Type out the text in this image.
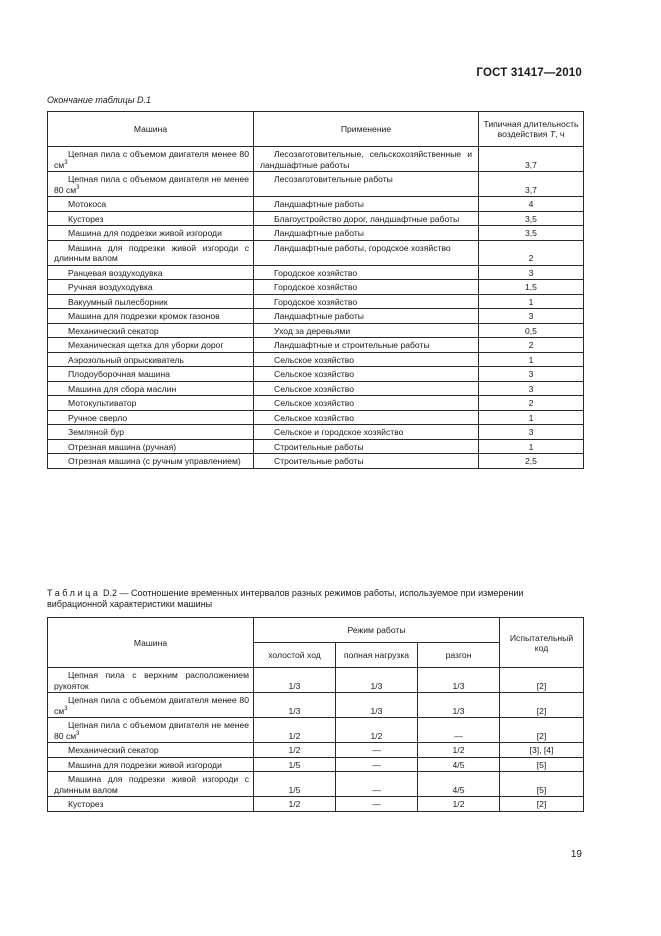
ГОСТ 31417—2010
Окончание таблицы D.1
Машина	Применение	Типичная длительность воздействия T, ч
Цепная пила с объемом двигателя менее 80 $см^3$	Лесозаготовительные, сельскохозяйственные и ландшафтные работы	3,7
Цепная пила с объемом двигателя не менее 80 $см^3$	Лесозаготовительные работы	3,7
Мотокоса	Ландшафтные работы	4
Кусторез	Благоустройство дорог, ландшафтные работы	3,5
Машина для подрезки живой изгороди	Ландшафтные работы	3,5
Машина для подрезки живой изгороди с длинным валом	Ландшафтные работы, городское хозяйство	2
Ранцевая воздуходувка	Городское хозяйство	3
Ручная воздуходувка	Городское хозяйство	1,5
Вакуумный пылесборник	Городское хозяйство	1
Машина для подрезки кромок газонов	Ландшафтные работы	3
Механический секатор	Уход за деревьями	0,5
Механическая щетка для уборки дорог	Ландшафтные и строительные работы	2
Аэрозольный опрыскиватель	Сельское хозяйство	1
Плодоуборочная машина	Сельское хозяйство	3
Машина для сбора маслин	Сельское хозяйство	3
Мотокультиватор	Сельское хозяйство	2
Ручное сверло	Сельское хозяйство	1
Земляной бур	Сельское и городское хозяйство	3
Отрезная машина (ручная)	Строительные работы	1
Отрезная машина (с ручным управлением)	Строительные работы	2,5
Таблица D.2 — Соотношение временных интервалов разных режимов работы, используемое при измерении вибрационной характеристики машины
Машина	Режим работы			Испытательный код
	холостой ход	полная нагрузка	разгон	
Цепная пила с верхним расположением рукояток	1/3	1/3	1/3	[2]
Цепная пила с объемом двигателя менее 80 $см^3$	1/3	1/3	1/3	[2]
Цепная пила с объемом двигателя не менее 80 $см^3$	1/2	1/2	—	[2]
Механический секатор	1/2	—	1/2	[3], [4]
Машина для подрезки живой изгороди	1/5	—	4/5	[5]
Машина для подрезки живой изгороди с длинным валом	1/5	—	4/5	[5]
Кусторез	1/2	—	1/2	[2]
19
